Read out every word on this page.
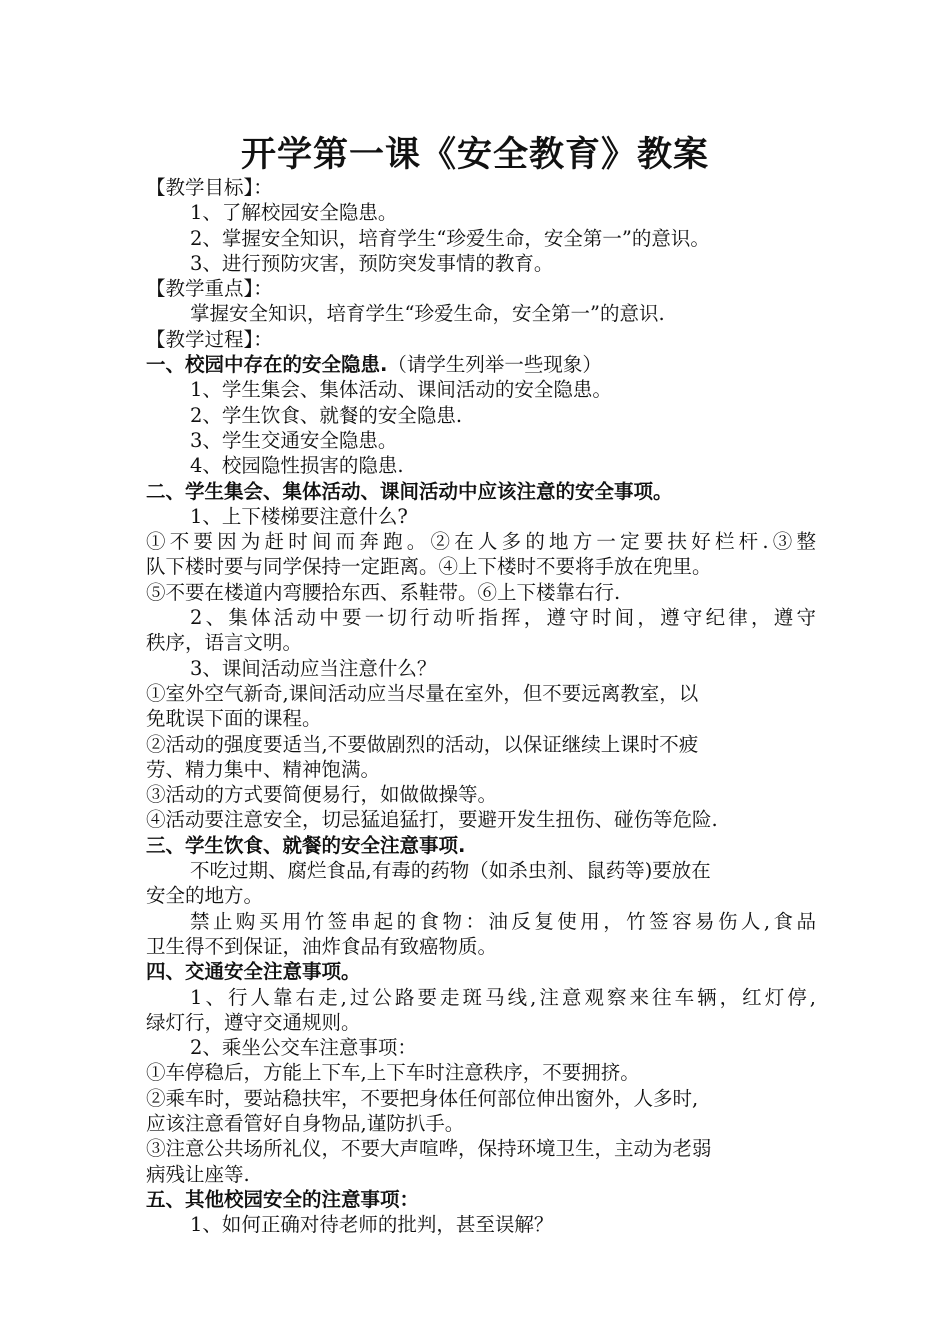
开学第一课《安全教育》教案
【教学目标】：
1、了解校园安全隐患。
2、掌握安全知识，培育学生“珍爱生命，安全第一”的意识。
3、进行预防灾害，预防突发事情的教育。
【教学重点】：
掌握安全知识，培育学生“珍爱生命，安全第一”的意识.
【教学过程】：
一、校园中存在的安全隐患.（请学生列举一些现象）
1、学生集会、集体活动、课间活动的安全隐患。
2、学生饮食、就餐的安全隐患.
3、学生交通安全隐患。
4、校园隐性损害的隐患.
二、学生集会、集体活动、课间活动中应该注意的安全事项。
1、上下楼梯要注意什么?
①不要因为赶时间而奔跑。②在人多的地方一定要扶好栏杆.③整
队下楼时要与同学保持一定距离。④上下楼时不要将手放在兜里。
⑤不要在楼道内弯腰拾东西、系鞋带。⑥上下楼靠右行.
2、集体活动中要一切行动听指挥，遵守时间，遵守纪律，遵守
秩序，语言文明。
3、课间活动应当注意什么？
①室外空气新奇,课间活动应当尽量在室外，但不要远离教室，以
免耽误下面的课程。
②活动的强度要适当,不要做剧烈的活动，以保证继续上课时不疲
劳、精力集中、精神饱满。
③活动的方式要简便易行，如做做操等。
④活动要注意安全，切忌猛追猛打，要避开发生扭伤、碰伤等危险.
三、学生饮食、就餐的安全注意事项.
不吃过期、腐烂食品,有毒的药物（如杀虫剂、鼠药等)要放在
安全的地方。
禁止购买用竹签串起的食物：油反复使用，竹签容易伤人,食品
卫生得不到保证，油炸食品有致癌物质。
四、交通安全注意事项。
1、行人靠右走,过公路要走斑马线,注意观察来往车辆，红灯停,
绿灯行，遵守交通规则。
2、乘坐公交车注意事项：
①车停稳后，方能上下车,上下车时注意秩序，不要拥挤。
②乘车时，要站稳扶牢，不要把身体任何部位伸出窗外，人多时,
应该注意看管好自身物品,谨防扒手。
③注意公共场所礼仪，不要大声喧哗，保持环境卫生，主动为老弱
病残让座等.
五、其他校园安全的注意事项：
1、如何正确对待老师的批判，甚至误解？
